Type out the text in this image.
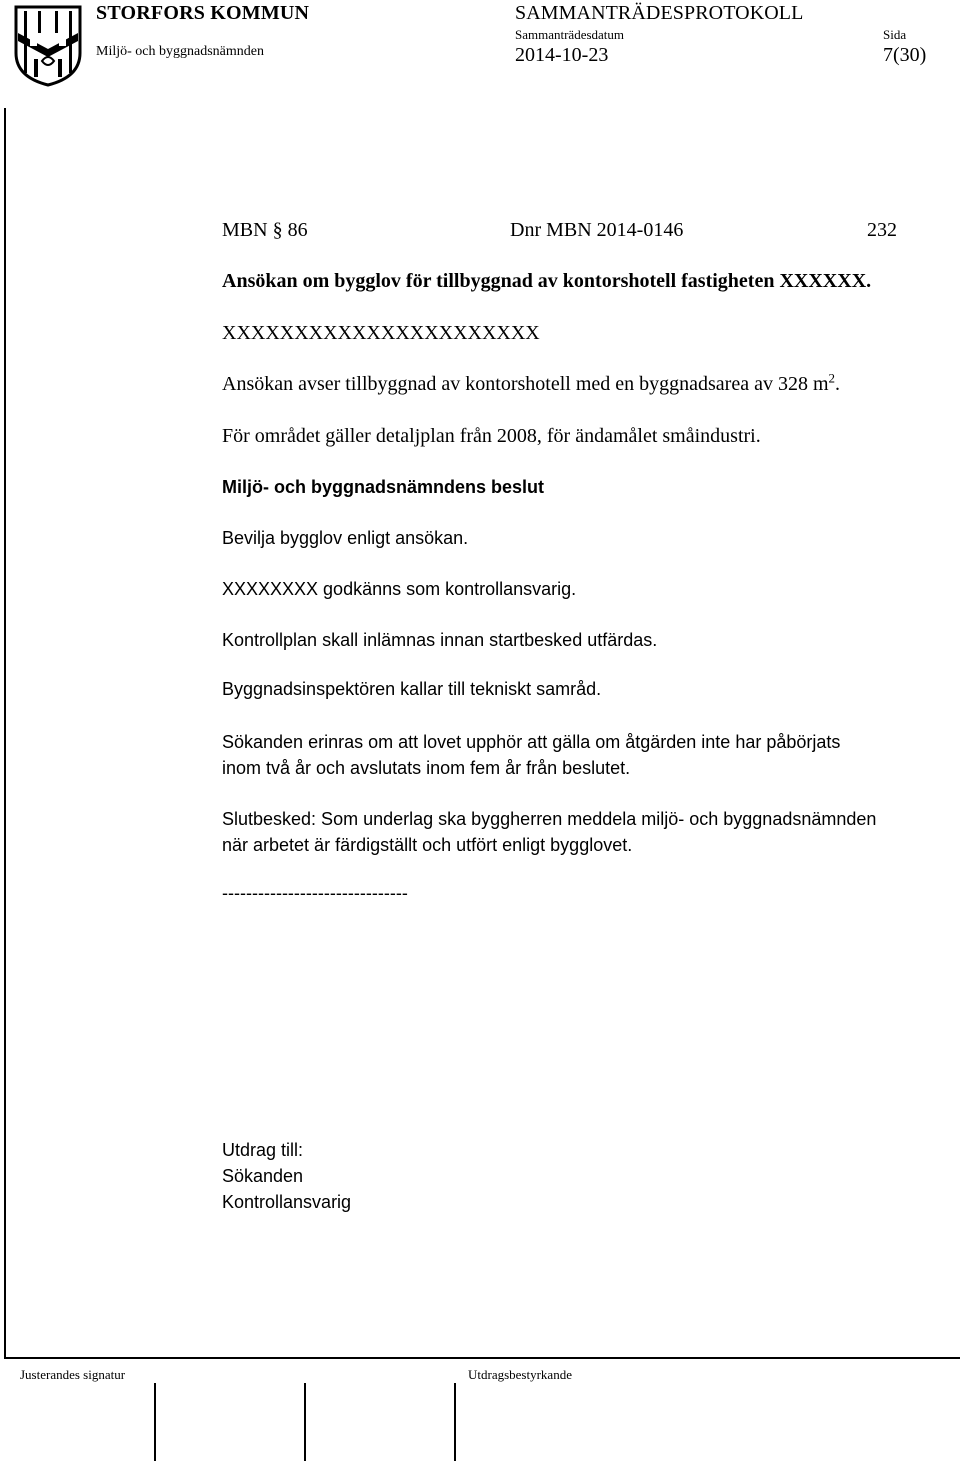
STORFORS KOMMUN
Miljö- och byggnadsnämnden
SAMMANTRÄDESPROTOKOLL
Sammanträdesdatum
2014-10-23
Sida
7(30)
MBN § 86	Dnr MBN 2014-0146	232
Ansökan om bygglov för tillbyggnad av kontorshotell fastigheten XXXXXX.
XXXXXXXXXXXXXXXXXXXXXX
Ansökan avser tillbyggnad av kontorshotell med en byggnadsarea av 328 $m^2$.
För området gäller detaljplan från 2008, för ändamålet småindustri.
Miljö- och byggnadsnämndens beslut
Bevilja bygglov enligt ansökan.
XXXXXXXX godkänns som kontrollansvarig.
Kontrollplan skall inlämnas innan startbesked utfärdas.
Byggnadsinspektören kallar till tekniskt samråd.
Sökanden erinras om att lovet upphör att gälla om åtgärden inte har påbörjats
inom två år och avslutats inom fem år från beslutet.
Slutbesked: Som underlag ska byggherren meddela miljö- och byggnadsnämnden
när arbetet är färdigställt och utfört enligt bygglovet.
-------------------------------
Utdrag till:
Sökanden
Kontrollansvarig
Justerandes signatur	Utdragsbestyrkande
